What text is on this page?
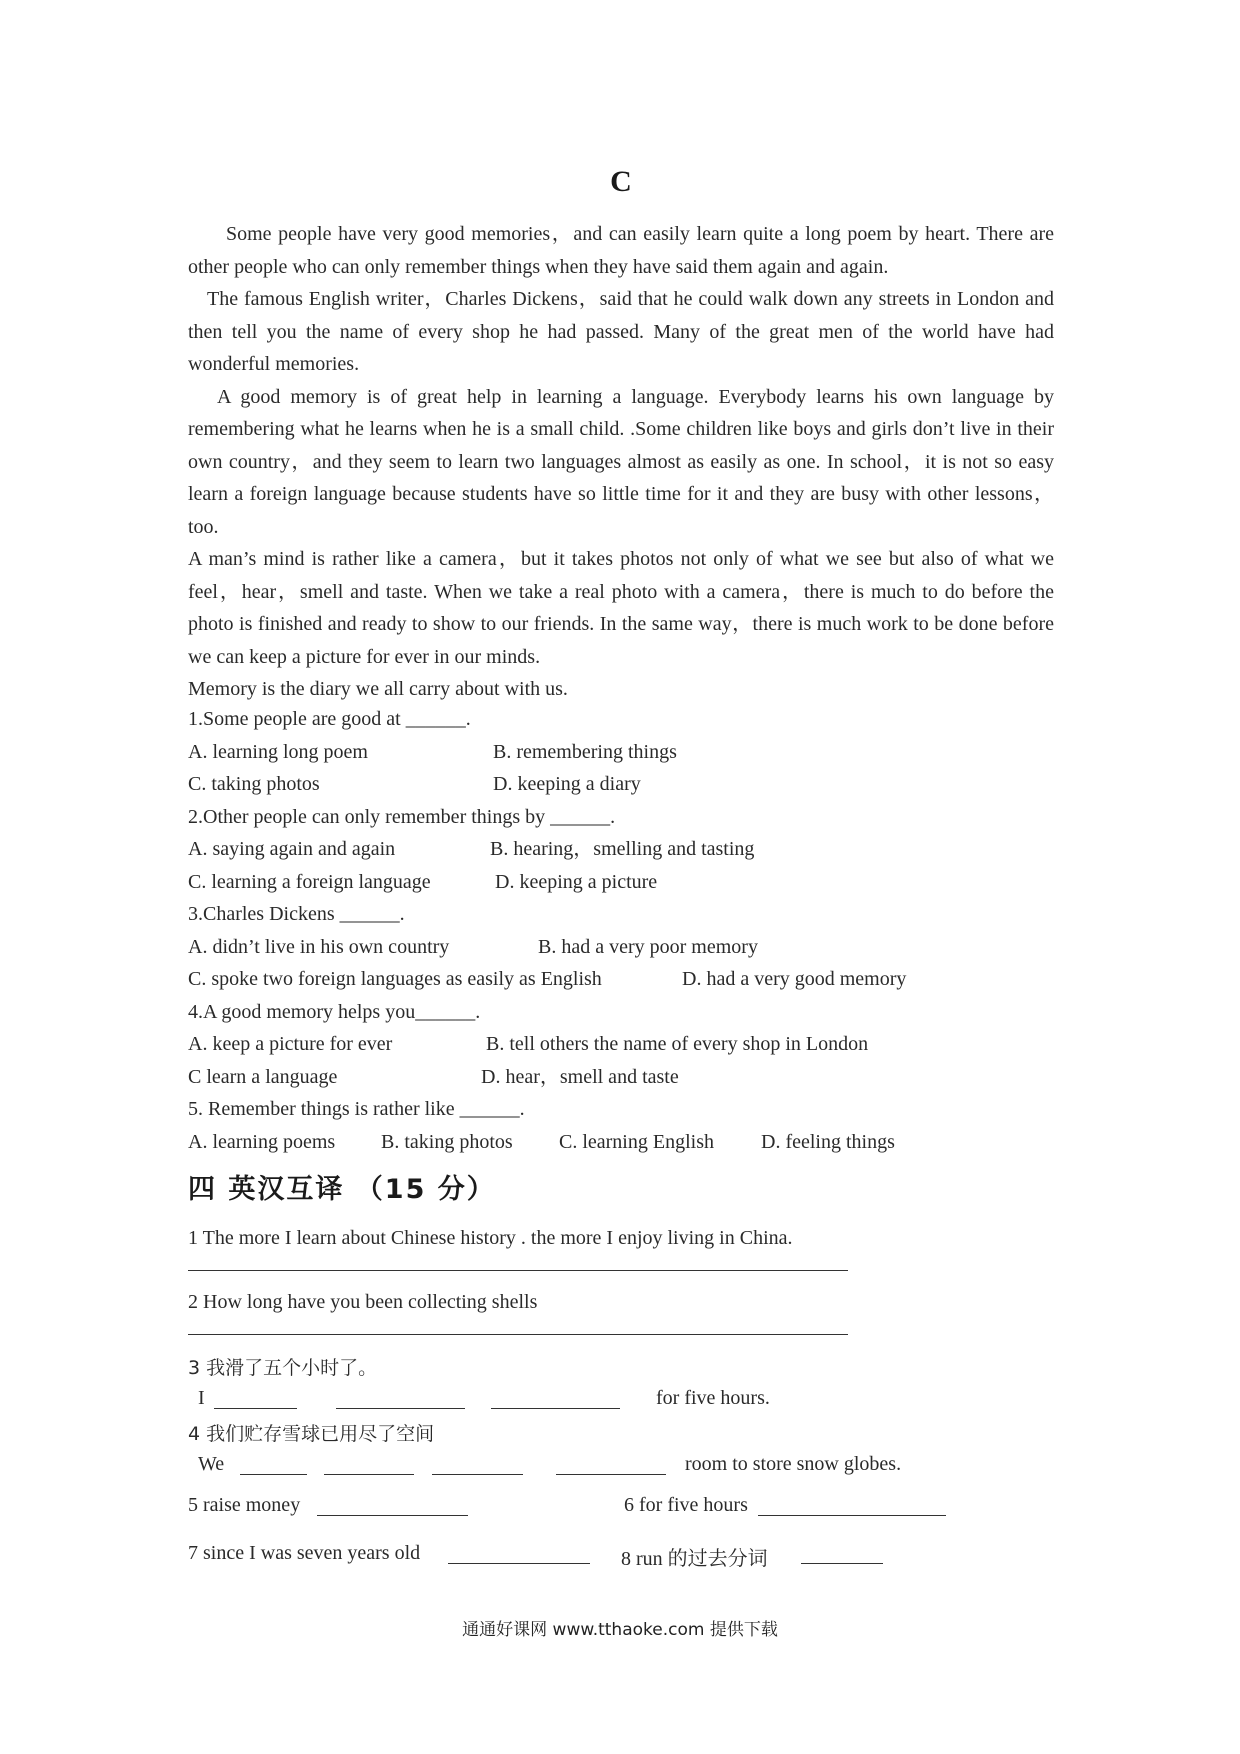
C

Some people have very good memories，and can easily learn quite a long poem by heart. There are other people who can only remember things when they have said them again and again.

The famous English writer，Charles Dickens，said that he could walk down any streets in London and then tell you the name of every shop he had passed. Many of the great men of the world have had wonderful memories.

A good memory is of great help in learning a language. Everybody learns his own language by remembering what he learns when he is a small child. .Some children like boys and girls don’t live in their own country，and they seem to learn two languages almost as easily as one. In school，it is not so easy learn a foreign language because students have so little time for it and they are busy with other lessons，too.

A man’s mind is rather like a camera，but it takes photos not only of what we see but also of what we feel，hear，smell and taste. When we take a real photo with a camera，there is much to do before the photo is finished and ready to show to our friends. In the same way，there is much work to be done before we can keep a picture for ever in our minds.

Memory is the diary we all carry about with us.

1.Some people are good at ______.
A. learning long poem	B. remembering things
C. taking photos	D. keeping a diary
2.Other people can only remember things by ______.
A. saying again and again	B. hearing，smelling and tasting
C. learning a foreign language	D. keeping a picture
3.Charles Dickens ______.
A. didn’t live in his own country	B. had a very poor memory
C. spoke two foreign languages as easily as English	D. had a very good memory
4.A good memory helps you______.
A. keep a picture for ever	B. tell others the name of every shop in London
C learn a language	D. hear，smell and taste
5. Remember things is rather like ______.
A. learning poems	B. taking photos	C. learning English	D. feeling things
四 英汉互译 （15 分）
1 The more I learn about Chinese history . the more I enjoy living in China.
2 How long have you been collecting shells
3 我滑了五个小时了。
I	for five hours.
4 我们贮存雪球已用尽了空间
We	room to store snow globes.
5 raise money	6 for five hours
7 since I was seven years old	8 run 的过去分词
通通好课网 www.tthaoke.com 提供下载
